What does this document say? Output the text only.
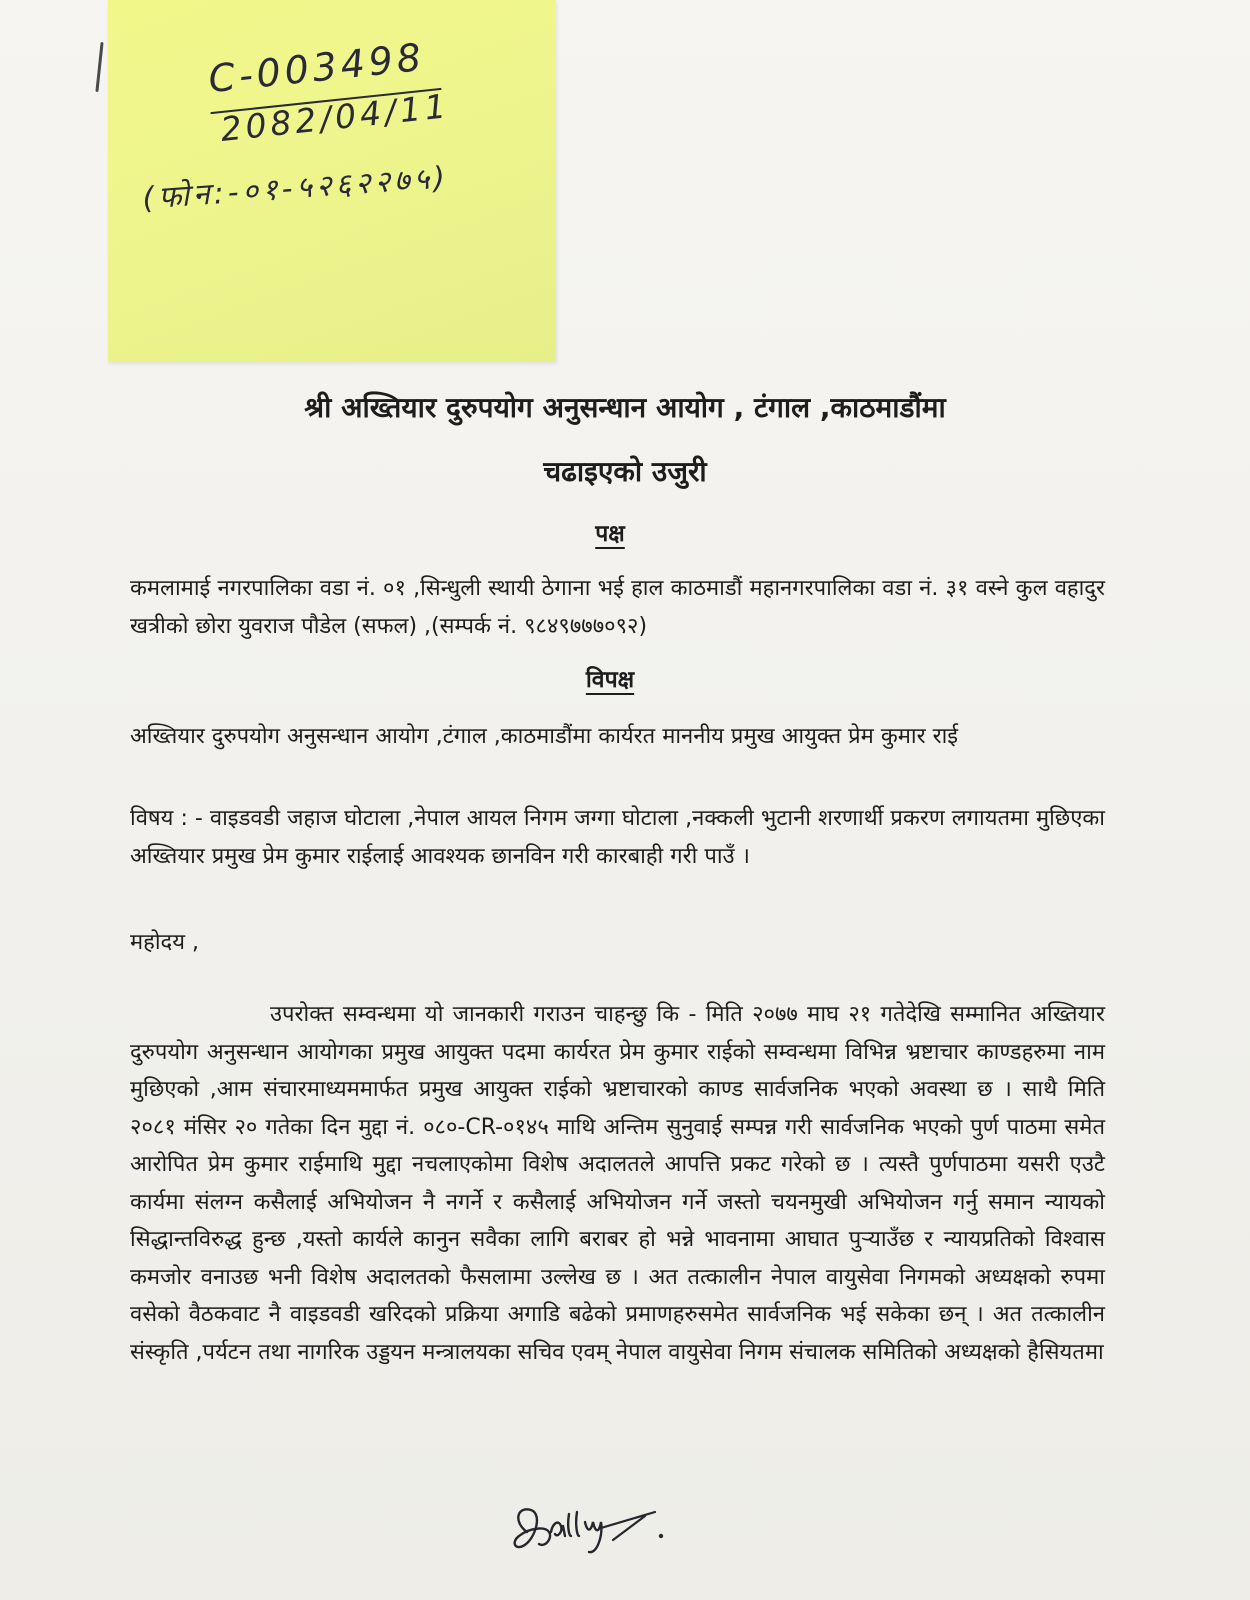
C-003498
2082/04/11
(फोन:-०१-५२६२२७५)
श्री अख्तियार दुरुपयोग अनुसन्धान आयोग , टंगाल ,काठमाडौंमा
चढाइएको उजुरी
पक्ष
कमलामाई नगरपालिका वडा नं. ०१ ,सिन्धुली स्थायी ठेगाना भई हाल काठमाडौं महानगरपालिका वडा नं. ३१ वस्ने कुल वहादुर खत्रीको छोरा युवराज पौडेल (सफल) ,(सम्पर्क नं. ९८४९७७७०९२)
विपक्ष
अख्तियार दुरुपयोग अनुसन्धान आयोग ,टंगाल ,काठमाडौंमा कार्यरत माननीय प्रमुख आयुक्त प्रेम कुमार राई
विषय : - वाइडवडी जहाज घोटाला ,नेपाल आयल निगम जग्गा घोटाला ,नक्कली भुटानी शरणार्थी प्रकरण लगायतमा मुछिएका अख्तियार प्रमुख प्रेम कुमार राईलाई आवश्यक छानविन गरी कारबाही गरी पाउँ ।
महोदय ,
उपरोक्त सम्वन्धमा यो जानकारी गराउन चाहन्छु कि - मिति २०७७ माघ २१ गतेदेखि सम्मानित अख्तियार दुरुपयोग अनुसन्धान आयोगका प्रमुख आयुक्त पदमा कार्यरत प्रेम कुमार राईको सम्वन्धमा विभिन्न भ्रष्टाचार काण्डहरुमा नाम मुछिएको ,आम संचारमाध्यममार्फत प्रमुख आयुक्त राईको भ्रष्टाचारको काण्ड सार्वजनिक भएको अवस्था छ । साथै मिति २०८१ मंसिर २० गतेका दिन मुद्दा नं. ०८०-CR-०१४५ माथि अन्तिम सुनुवाई सम्पन्न गरी सार्वजनिक भएको पुर्ण पाठमा समेत आरोपित प्रेम कुमार राईमाथि मुद्दा नचलाएकोमा विशेष अदालतले आपत्ति प्रकट गरेको छ । त्यस्तै पुर्णपाठमा यसरी एउटै कार्यमा संलग्न कसैलाई अभियोजन नै नगर्ने र कसैलाई अभियोजन गर्ने जस्तो चयनमुखी अभियोजन गर्नु समान न्यायको सिद्धान्तविरुद्ध हुन्छ ,यस्तो कार्यले कानुन सवैका लागि बराबर हो भन्ने भावनामा आघात पुर्‍याउँछ र न्यायप्रतिको विश्वास कमजोर वनाउछ भनी विशेष अदालतको फैसलामा उल्लेख छ । अत तत्कालीन नेपाल वायुसेवा निगमको अध्यक्षको रुपमा वसेको वैठकवाट नै वाइडवडी खरिदको प्रक्रिया अगाडि बढेको प्रमाणहरुसमेत सार्वजनिक भई सकेका छन् । अत तत्कालीन संस्कृति ,पर्यटन तथा नागरिक उड्डयन मन्त्रालयका सचिव एवम् नेपाल वायुसेवा निगम संचालक समितिको अध्यक्षको हैसियतमा
